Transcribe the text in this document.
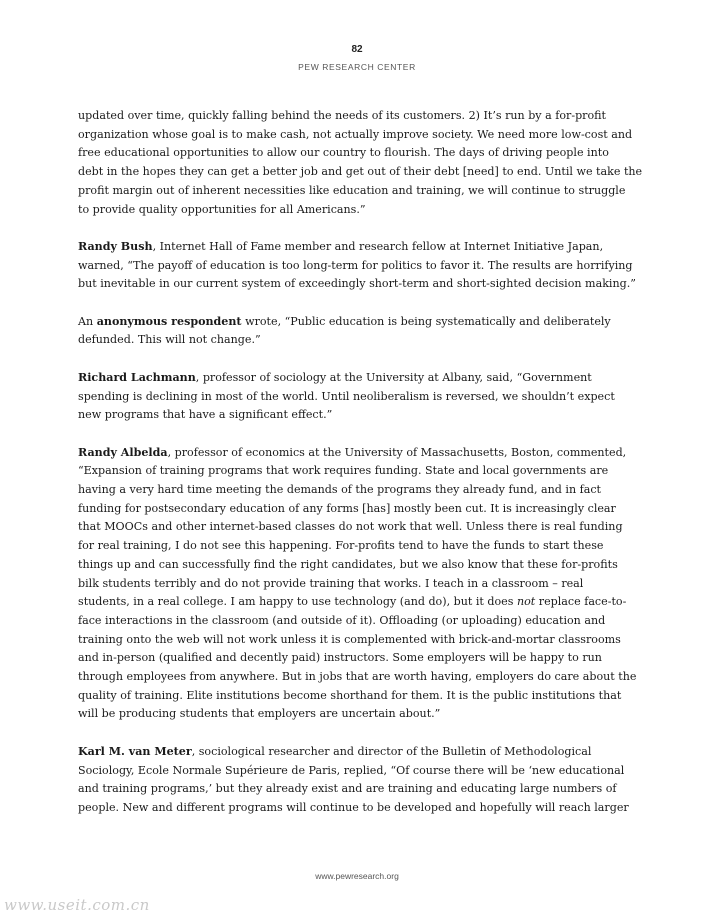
82
PEW RESEARCH CENTER

updated over time, quickly falling behind the needs of its customers. 2) It’s run by a for-profit
organization whose goal is to make cash, not actually improve society. We need more low-cost and
free educational opportunities to allow our country to flourish. The days of driving people into
debt in the hopes they can get a better job and get out of their debt [need] to end. Until we take the
profit margin out of inherent necessities like education and training, we will continue to struggle
to provide quality opportunities for all Americans.”

Randy Bush, Internet Hall of Fame member and research fellow at Internet Initiative Japan,
warned, “The payoff of education is too long-term for politics to favor it. The results are horrifying
but inevitable in our current system of exceedingly short-term and short-sighted decision making.”

An anonymous respondent wrote, “Public education is being systematically and deliberately
defunded. This will not change.”

Richard Lachmann, professor of sociology at the University at Albany, said, “Government
spending is declining in most of the world. Until neoliberalism is reversed, we shouldn’t expect
new programs that have a significant effect.”

Randy Albelda, professor of economics at the University of Massachusetts, Boston, commented,
“Expansion of training programs that work requires funding. State and local governments are
having a very hard time meeting the demands of the programs they already fund, and in fact
funding for postsecondary education of any forms [has] mostly been cut. It is increasingly clear
that MOOCs and other internet-based classes do not work that well. Unless there is real funding
for real training, I do not see this happening. For-profits tend to have the funds to start these
things up and can successfully find the right candidates, but we also know that these for-profits
bilk students terribly and do not provide training that works. I teach in a classroom – real
students, in a real college. I am happy to use technology (and do), but it does not replace face-to-
face interactions in the classroom (and outside of it). Offloading (or uploading) education and
training onto the web will not work unless it is complemented with brick-and-mortar classrooms
and in-person (qualified and decently paid) instructors. Some employers will be happy to run
through employees from anywhere. But in jobs that are worth having, employers do care about the
quality of training. Elite institutions become shorthand for them. It is the public institutions that
will be producing students that employers are uncertain about.”

Karl M. van Meter, sociological researcher and director of the Bulletin of Methodological
Sociology, Ecole Normale Supérieure de Paris, replied, “Of course there will be ‘new educational
and training programs,’ but they already exist and are training and educating large numbers of
people. New and different programs will continue to be developed and hopefully will reach larger

www.pewresearch.org
www.useit.com.cn
